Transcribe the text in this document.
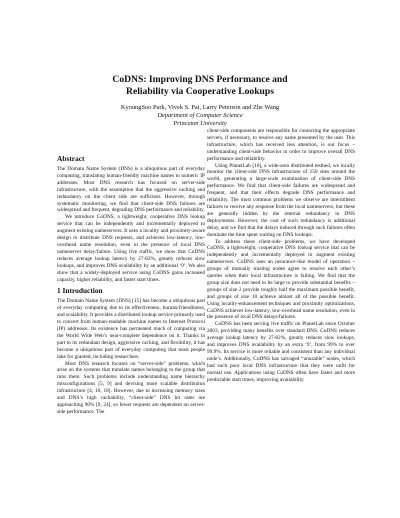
CoDNS: Improving DNS Performance and
Reliability via Cooperative Lookups
KyoungSoo Park, Vivek S. Pai, Larry Peterson and Zhe Wang
Department of Computer Science
Princeton University
Abstract

The Domain Name System (DNS) is a ubiquitous part of everyday computing, translating human-friendly machine names to numeric IP addresses. Most DNS research has focused on server-side infrastructure, with the assumption that the aggressive caching and redundancy on the client side are sufficient. However, through systematic monitoring, we find that client-side DNS failures are widespread and frequent, degrading DNS performance and reliability.

We introduce CoDNS, a lightweight, cooperative DNS lookup service that can be independently and incrementally deployed to augment existing nameservers. It uses a locality and proximity-aware design to distribute DNS requests, and achieves low-latency, low-overhead name resolution, even in the presence of local DNS nameserver delay/failure. Using live traffic, we show that CoDNS reduces average lookup latency by 27-82%, greatly reduces slow lookups, and improves DNS availability by an additional ‘9’. We also show that a widely-deployed service using CoDNS gains increased capacity, higher reliability, and faster start times.

1 Introduction

The Domain Name System (DNS) [15] has become a ubiquitous part of everyday computing due to its effectiveness, human-friendliness, and scalability. It provides a distributed lookup service primarily used to convert from human-readable machine names to Internet Protocol (IP) addresses. Its existence has permeated much of computing via the World Wide Web’s near-complete dependence on it. Thanks in part to its redundant design, aggressive caching, and flexibility, it has become a ubiquitous part of everyday computing that most people take for granted, including researchers.

Most DNS research focuses on “server-side” problems, which arise on the systems that translate names belonging to the group that runs them. Such problems include understanding name hierarchy misconfigurations [5, 9] and devising more scalable distribution infrastructure [4, 10, 18]. However, due to increasing memory sizes and DNS’s high cachability, “client-side” DNS hit rates are approaching 90% [9, 24], so fewer requests are dependent on server-side performance. The

client-side components are responsible for contacting the appropriate servers, if necessary, to resolve any name presented by the user. This infrastructure, which has received less attention, is our focus – understanding client-side behavior in order to improve overall DNS performance and reliability.

Using PlanetLab [16], a wide-area distributed testbed, we locally monitor the client-side DNS infrastructure of 150 sites around the world, generating a large-scale examination of client-side DNS performance. We find that client-side failures are widespread and frequent, and that their effects degrade DNS performance and reliability. The most common problems we observe are intermittent failures to receive any response from the local nameservers, but these are generally hidden by the internal redundancy in DNS deployments. However, the cost of such redundancy is additional delay, and we find that the delays induced through such failures often dominate the time spent waiting on DNS lookups.

To address these client-side problems, we have developed CoDNS, a lightweight, cooperative DNS lookup service that can be independently and incrementally deployed to augment existing nameservers. CoDNS uses an insurance-like model of operation – groups of mutually trusting nodes agree to resolve each other’s queries when their local infrastructure is failing. We find that the group size does not need to be large to provide substantial benefits – groups of size 2 provide roughly half the maximum possible benefit, and groups of size 10 achieve almost all of the possible benefit. Using locality-enhancement techniques and proximity optimizations, CoDNS achieves low-latency, low-overhead name resolution, even in the presence of local DNS delays/failures.

CoDNS has been serving live traffic on PlanetLab since October 2003, providing many benefits over standard DNS. CoDNS reduces average lookup latency by 27-82%, greatly reduces slow lookups, and improves DNS availability by an extra ‘9’, from 99% to over 99.9%. Its service is more reliable and consistent than any individual node’s. Additionally, CoDNS has salvaged “unusable” nodes, which had such poor local DNS infrastructure that they were unfit for normal use. Applications using CoDNS often have faster and more predictable start times, improving availability.
